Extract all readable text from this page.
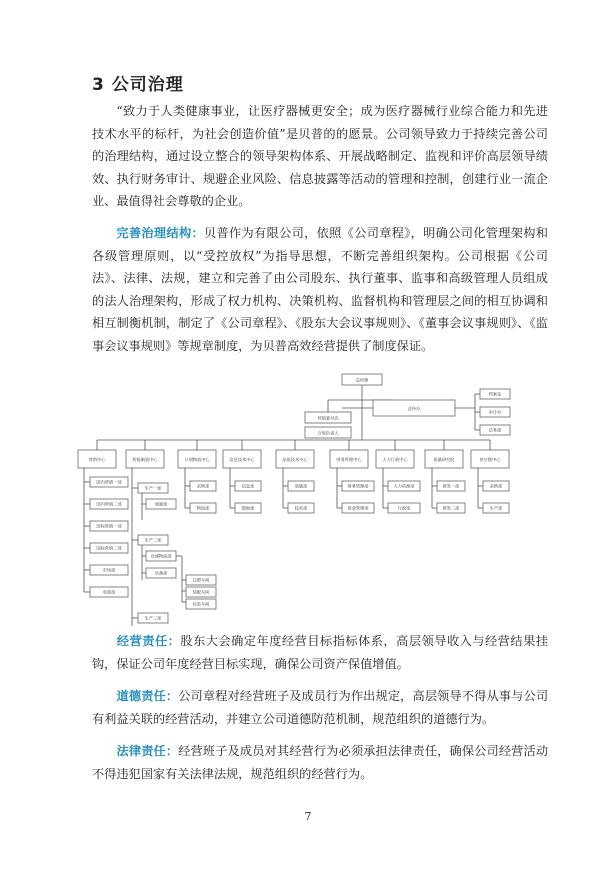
3 公司治理
“致力于人类健康事业，让医疗器械更安全；成为医疗器械行业综合能力和先进技术水平的标杆，为社会创造价值”是贝普的的愿景。公司领导致力于持续完善公司的治理结构，通过设立整合的领导架构体系、开展战略制定、监视和评价高层领导绩效、执行财务审计、规避企业风险、信息披露等活动的管理和控制，创建行业一流企业、最值得社会尊敬的企业。
完善治理结构：贝普作为有限公司，依照《公司章程》，明确公司化管理架构和各级管理原则，以“受控放权”为指导思想，不断完善组织架构。公司根据《公司法》、法律、法规，建立和完善了由公司股东、执行董事、监事和高级管理人员组成的法人治理架构，形成了权力机构、决策机构、监督机构和管理层之间的相互协调和相互制衡机制，制定了《公司章程》、《股东大会议事规则》、《董事会议事规则》、《监事会议事规则》等规章制度，为贝普高效经营提供了制度保证。
总经理
营销委员会
合规负责人
总经办
档案室
审计办
法务部
营销中心	智能制造中心	计划物流中心	信息技术中心	品质技术中心	财务管理中心	人力行政中心	质量研究院	供应链中心
国内营销一部
国内营销二部
国际营销一部
国际营销二部
市场部
电商部
生产一部
质量部
生产二部
仓储物流部
设备部
生产三部
注塑车间
装配车间
包装车间
采购部
物流部
信息部
数据部
质量部
技术部
财务管理部
资金管理部
人力资源部
行政部
研发一部
研发二部
采购部
生产部
经营责任：股东大会确定年度经营目标指标体系，高层领导收入与经营结果挂钩，保证公司年度经营目标实现，确保公司资产保值增值。
道德责任：公司章程对经营班子及成员行为作出规定，高层领导不得从事与公司有利益关联的经营活动，并建立公司道德防范机制，规范组织的道德行为。
法律责任：经营班子及成员对其经营行为必须承担法律责任，确保公司经营活动不得违犯国家有关法律法规，规范组织的经营行为。
7
